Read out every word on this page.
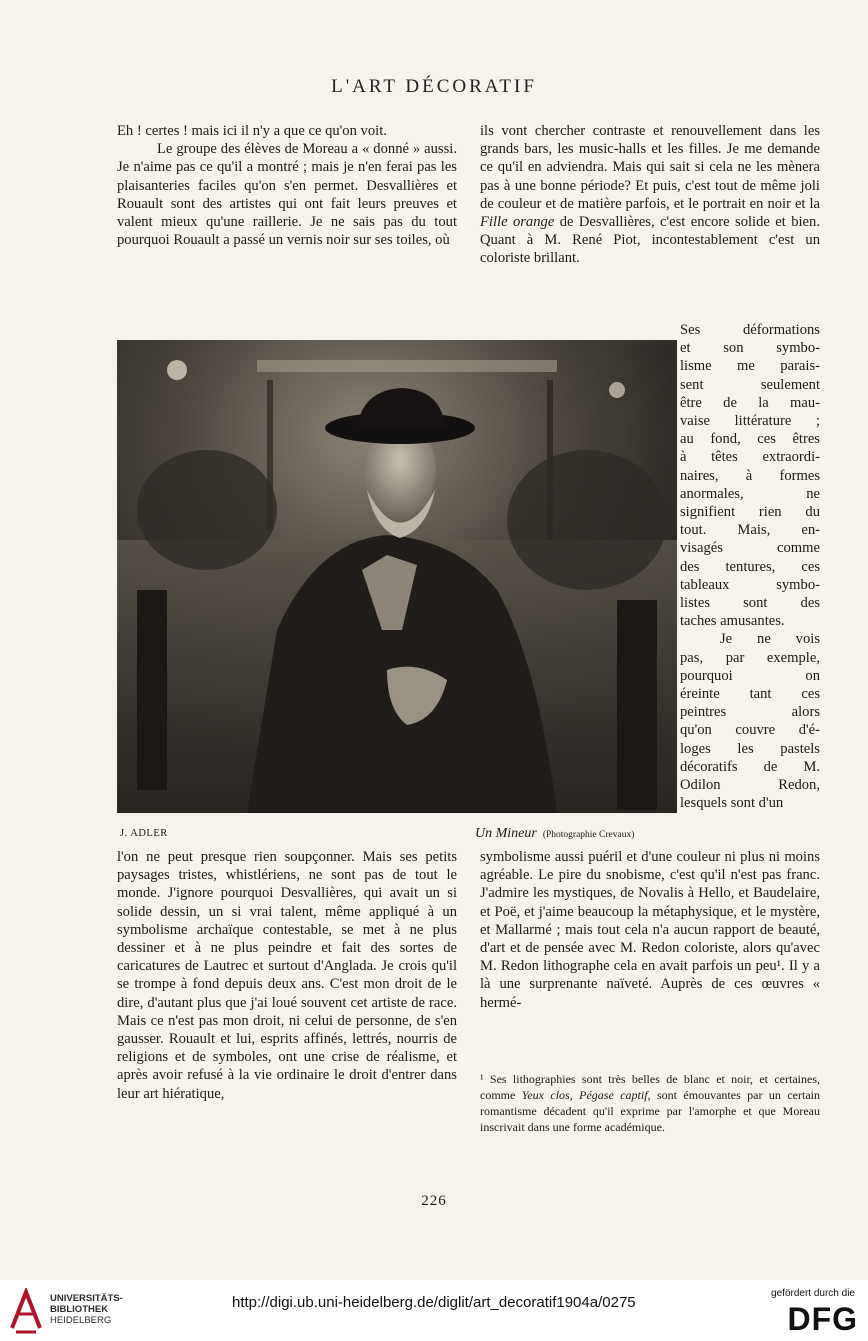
L'ART DÉCORATIF

Eh ! certes ! mais ici il n'y a que ce qu'on voit.

Le groupe des élèves de Moreau a « donné » aussi. Je n'aime pas ce qu'il a montré ; mais je n'en ferai pas les plaisanteries faciles qu'on s'en permet. Desvallières et Rouault sont des artistes qui ont fait leurs preuves et valent mieux qu'une raillerie. Je ne sais pas du tout pourquoi Rouault a passé un vernis noir sur ses toiles, où

ils vont chercher contraste et renouvellement dans les grands bars, les music-halls et les filles. Je me demande ce qu'il en adviendra. Mais qui sait si cela ne les mènera pas à une bonne période? Et puis, c'est tout de même joli de couleur et de matière parfois, et le portrait en noir et la Fille orange de Desvallières, c'est encore solide et bien. Quant à M. René Piot, incontestablement c'est un coloriste brillant.

Ses déformations
et son symbo-
lisme me parais-
sent seulement
être de la mau-
vaise littérature ;
au fond, ces êtres
à têtes extraordi-
naires, à formes
anormales, ne
signifient rien du
tout. Mais, en-
visagés comme
des tentures, ces
tableaux symbo-
listes sont des
taches amusantes.
Je ne vois
pas, par exemple,
pourquoi on
éreinte tant ces
peintres alors
qu'on couvre d'é-
loges les pastels
décoratifs de M.
Odilon Redon,
lesquels sont d'un
J. ADLER	Un Mineur (Photographie Crevaux)

l'on ne peut presque rien soupçonner. Mais ses petits paysages tristes, whistlériens, ne sont pas de tout le monde. J'ignore pourquoi Desvallières, qui avait un si solide dessin, un si vrai talent, même appliqué à un symbolisme archaïque contestable, se met à ne plus dessiner et à ne plus peindre et fait des sortes de caricatures de Lautrec et surtout d'Anglada. Je crois qu'il se trompe à fond depuis deux ans. C'est mon droit de le dire, d'autant plus que j'ai loué souvent cet artiste de race. Mais ce n'est pas mon droit, ni celui de personne, de s'en gausser. Rouault et lui, esprits affinés, lettrés, nourris de religions et de symboles, ont une crise de réalisme, et après avoir refusé à la vie ordinaire le droit d'entrer dans leur art hiératique,

symbolisme aussi puéril et d'une couleur ni plus ni moins agréable. Le pire du snobisme, c'est qu'il n'est pas franc. J'admire les mystiques, de Novalis à Hello, et Baudelaire, et Poë, et j'aime beaucoup la métaphysique, et le mystère, et Mallarmé ; mais tout cela n'a aucun rapport de beauté, d'art et de pensée avec M. Redon coloriste, alors qu'avec M. Redon lithographe cela en avait parfois un peu¹. Il y a là une surprenante naïveté. Auprès de ces œuvres « hermé-

¹ Ses lithographies sont très belles de blanc et noir, et certaines, comme Yeux clos, Pégase captif, sont émouvantes par un certain romantisme décadent qu'il exprime par l'amorphe et que Moreau inscrivait dans une forme académique.
226
UNIVERSITÄTS-
BIBLIOTHEK
HEIDELBERG
http://digi.ub.uni-heidelberg.de/diglit/art_decoratif1904a/0275
gefördert durch die
DFG
